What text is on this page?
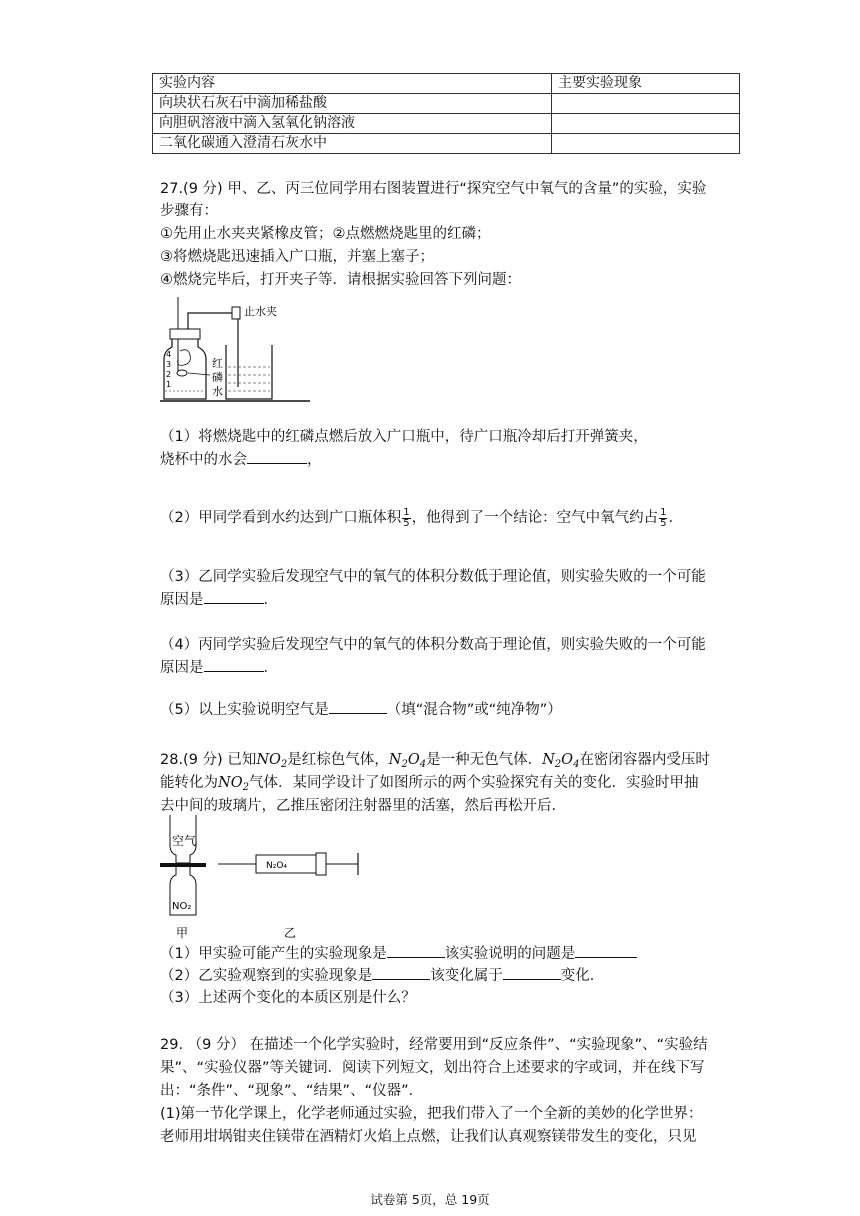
实验内容	主要实验现象
向块状石灰石中滴加稀盐酸	
向胆矾溶液中滴入氢氧化钠溶液	
二氧化碳通入澄清石灰水中	
27.(9 分) 甲、乙、丙三位同学用右图装置进行“探究空气中氧气的含量”的实验，实验
步骤有：
①先用止水夹夹紧橡皮管；②点燃燃烧匙里的红磷；
③将燃烧匙迅速插入广口瓶，并塞上塞子；
④燃烧完毕后，打开夹子等．请根据实验回答下列问题：
4
3
2
1
止水夹
红
磷
水
（1）将燃烧匙中的红磷点燃后放入广口瓶中，待广口瓶冷却后打开弹簧夹，
烧杯中的水会	，
（2）甲同学看到水约达到广口瓶体积 $\frac{1}{5}$ ，他得到了一个结论：空气中氧气约占 $\frac{1}{5}$ .
（3）乙同学实验后发现空气中的氧气的体积分数低于理论值，则实验失败的一个可能
原因是	．
（4）丙同学实验后发现空气中的氧气的体积分数高于理论值，则实验失败的一个可能
原因是	．
（5）以上实验说明空气是	（填“混合物”或“纯净物”）
28.(9 分) 已知$NO_2$是红棕色气体，$N_2O_4$是一种无色气体．$N_2O_4$在密闭容器内受压时
能转化为$NO_2$气体．某同学设计了如图所示的两个实验探究有关的变化．实验时甲抽
去中间的玻璃片，乙推压密闭注射器里的活塞，然后再松开后．
空气
NO₂
甲
N₂O₄
乙
（1）甲实验可能产生的实验现象是	该实验说明的问题是
（2）乙实验观察到的实验现象是	该变化属于	变化．
（3）上述两个变化的本质区别是什么？
29. （9 分） 在描述一个化学实验时，经常要用到“反应条件”、“实验现象”、“实验结
果”、“实验仪器”等关键词．阅读下列短文，划出符合上述要求的字或词，并在线下写
出：“条件”、“现象”、“结果”、“仪器”．
(1)第一节化学课上，化学老师通过实验，把我们带入了一个全新的美妙的化学世界：
老师用坩埚钳夹住镁带在酒精灯火焰上点燃，让我们认真观察镁带发生的变化，只见
试卷第 5页，总 19页
